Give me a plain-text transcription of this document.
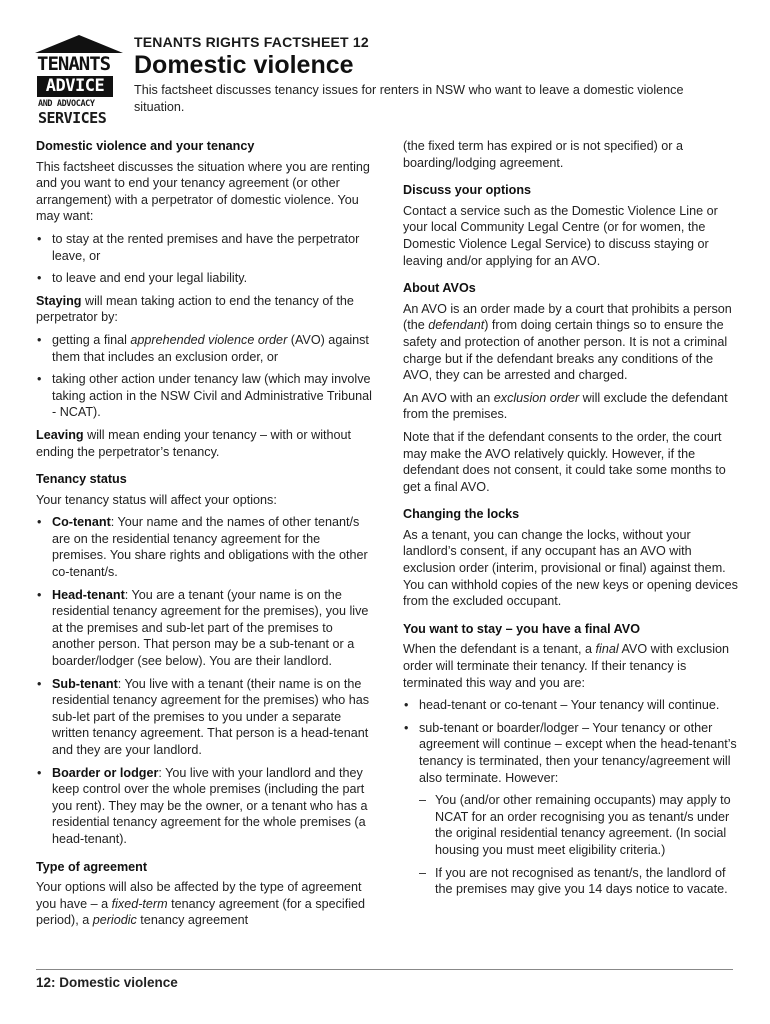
TENANTS
ADVICE
AND ADVOCACY
SERVICES
TENANTS RIGHTS FACTSHEET 12
Domestic violence
This factsheet discusses tenancy issues for renters in NSW who want to leave a domestic violence situation.
Domestic violence and your tenancy

This factsheet discusses the situation where you are renting and you want to end your tenancy agreement (or other arrangement) with a perpetrator of domestic violence. You may want:

• to stay at the rented premises and have the perpetrator leave, or
• to leave and end your legal liability.

Staying will mean taking action to end the tenancy of the perpetrator by:

• getting a final apprehended violence order (AVO) against them that includes an exclusion order, or
• taking other action under tenancy law (which may involve taking action in the NSW Civil and Administrative Tribunal - NCAT).

Leaving will mean ending your tenancy – with or without ending the perpetrator’s tenancy.

Tenancy status

Your tenancy status will affect your options:

• Co-tenant: Your name and the names of other tenant/s are on the residential tenancy agreement for the premises. You share rights and obligations with the other co-tenant/s.
• Head-tenant: You are a tenant (your name is on the residential tenancy agreement for the premises), you live at the premises and sub-let part of the premises to another person. That person may be a sub-tenant or a boarder/lodger (see below). You are their landlord.
• Sub-tenant: You live with a tenant (their name is on the residential tenancy agreement for the premises) who has sub-let part of the premises to you under a separate written tenancy agreement. That person is a head-tenant and they are your landlord.
• Boarder or lodger: You live with your landlord and they keep control over the whole premises (including the part you rent). They may be the owner, or a tenant who has a residential tenancy agreement for the whole premises (a head-tenant).
Type of agreement

Your options will also be affected by the type of agreement you have – a fixed-term tenancy agreement (for a specified period), a periodic tenancy agreement

(the fixed term has expired or is not specified) or a boarding/lodging agreement.

Discuss your options

Contact a service such as the Domestic Violence Line or your local Community Legal Centre (or for women, the Domestic Violence Legal Service) to discuss staying or leaving and/or applying for an AVO.

About AVOs

An AVO is an order made by a court that prohibits a person (the defendant) from doing certain things so to ensure the safety and protection of another person. It is not a criminal charge but if the defendant breaks any conditions of the AVO, they can be arrested and charged.

An AVO with an exclusion order will exclude the defendant from the premises.

Note that if the defendant consents to the order, the court may make the AVO relatively quickly. However, if the defendant does not consent, it could take some months to get a final AVO.

Changing the locks

As a tenant, you can change the locks, without your landlord’s consent, if any occupant has an AVO with exclusion order (interim, provisional or final) against them. You can withhold copies of the new keys or opening devices from the excluded occupant.

You want to stay – you have a final AVO

When the defendant is a tenant, a final AVO with exclusion order will terminate their tenancy. If their tenancy is terminated this way and you are:

• head-tenant or co-tenant – Your tenancy will continue.
• sub-tenant or boarder/lodger – Your tenancy or other agreement will continue – except when the head-tenant’s tenancy is terminated, then your tenancy/agreement will also terminate. However:
– You (and/or other remaining occupants) may apply to NCAT for an order recognising you as tenant/s under the original residential tenancy agreement. (In social housing you must meet eligibility criteria.)
– If you are not recognised as tenant/s, the landlord of the premises may give you 14 days notice to vacate.
12: Domestic violence
